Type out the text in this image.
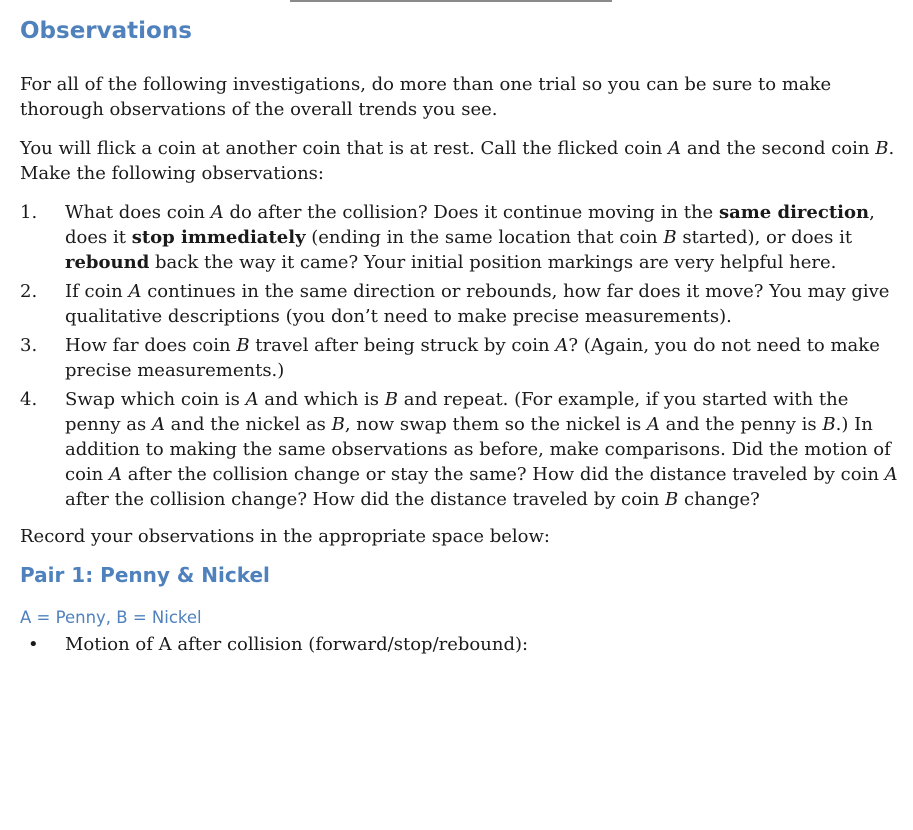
Observations

For all of the following investigations, do more than one trial so you can be sure to make thorough observations of the overall trends you see.

You will flick a coin at another coin that is at rest. Call the flicked coin A and the second coin B. Make the following observations:

1. What does coin A do after the collision? Does it continue moving in the same direction, does it stop immediately (ending in the same location that coin B started), or does it rebound back the way it came? Your initial position markings are very helpful here.
2. If coin A continues in the same direction or rebounds, how far does it move? You may give qualitative descriptions (you don’t need to make precise measurements).
3. How far does coin B travel after being struck by coin A? (Again, you do not need to make precise measurements.)
4. Swap which coin is A and which is B and repeat. (For example, if you started with the penny as A and the nickel as B, now swap them so the nickel is A and the penny is B.) In addition to making the same observations as before, make comparisons. Did the motion of coin A after the collision change or stay the same? How did the distance traveled by coin A after the collision change? How did the distance traveled by coin B change?

Record your observations in the appropriate space below:

Pair 1: Penny & Nickel
A = Penny, B = Nickel
• Motion of A after collision (forward/stop/rebound):
